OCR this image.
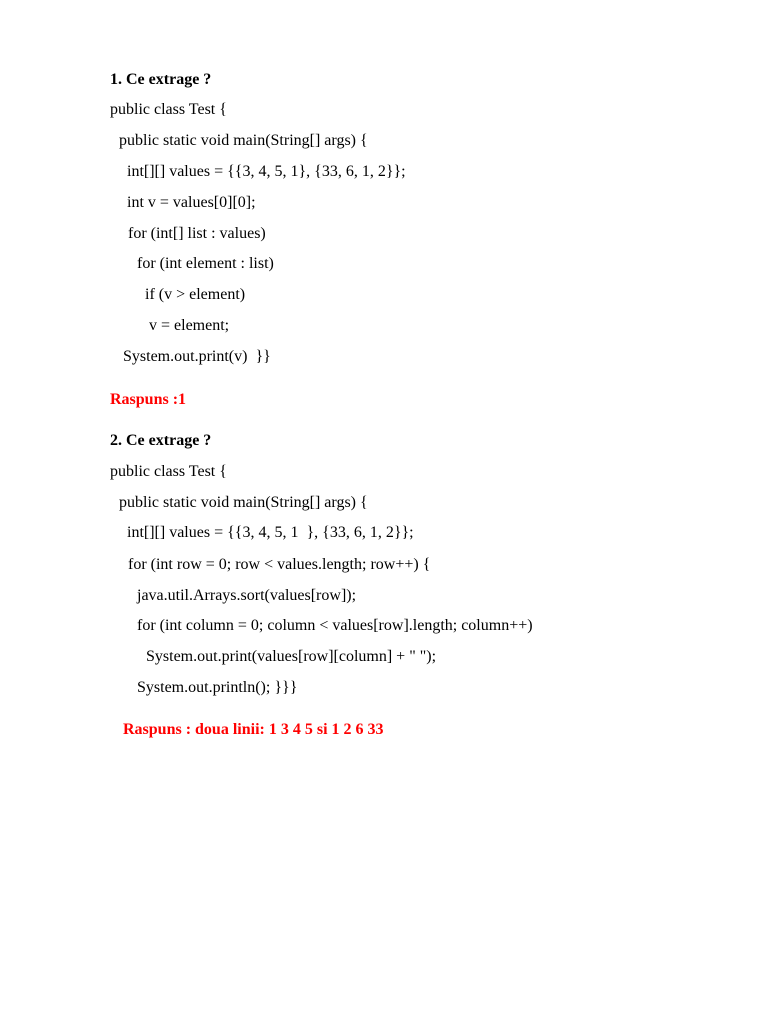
1. Ce extrage ?
public class Test {
public static void main(String[] args) {
int[][] values = {{3, 4, 5, 1}, {33, 6, 1, 2}};
int v = values[0][0];
for (int[] list : values)
for (int element : list)
if (v > element)
v = element;
System.out.print(v)  }}
Raspuns :1
2. Ce extrage ?
public class Test {
public static void main(String[] args) {
int[][] values = {{3, 4, 5, 1  }, {33, 6, 1, 2}};
for (int row = 0; row < values.length; row++) {
java.util.Arrays.sort(values[row]);
for (int column = 0; column < values[row].length; column++)
System.out.print(values[row][column] + " ");
System.out.println(); }}}
Raspuns : doua linii: 1 3 4 5 si 1 2 6 33
